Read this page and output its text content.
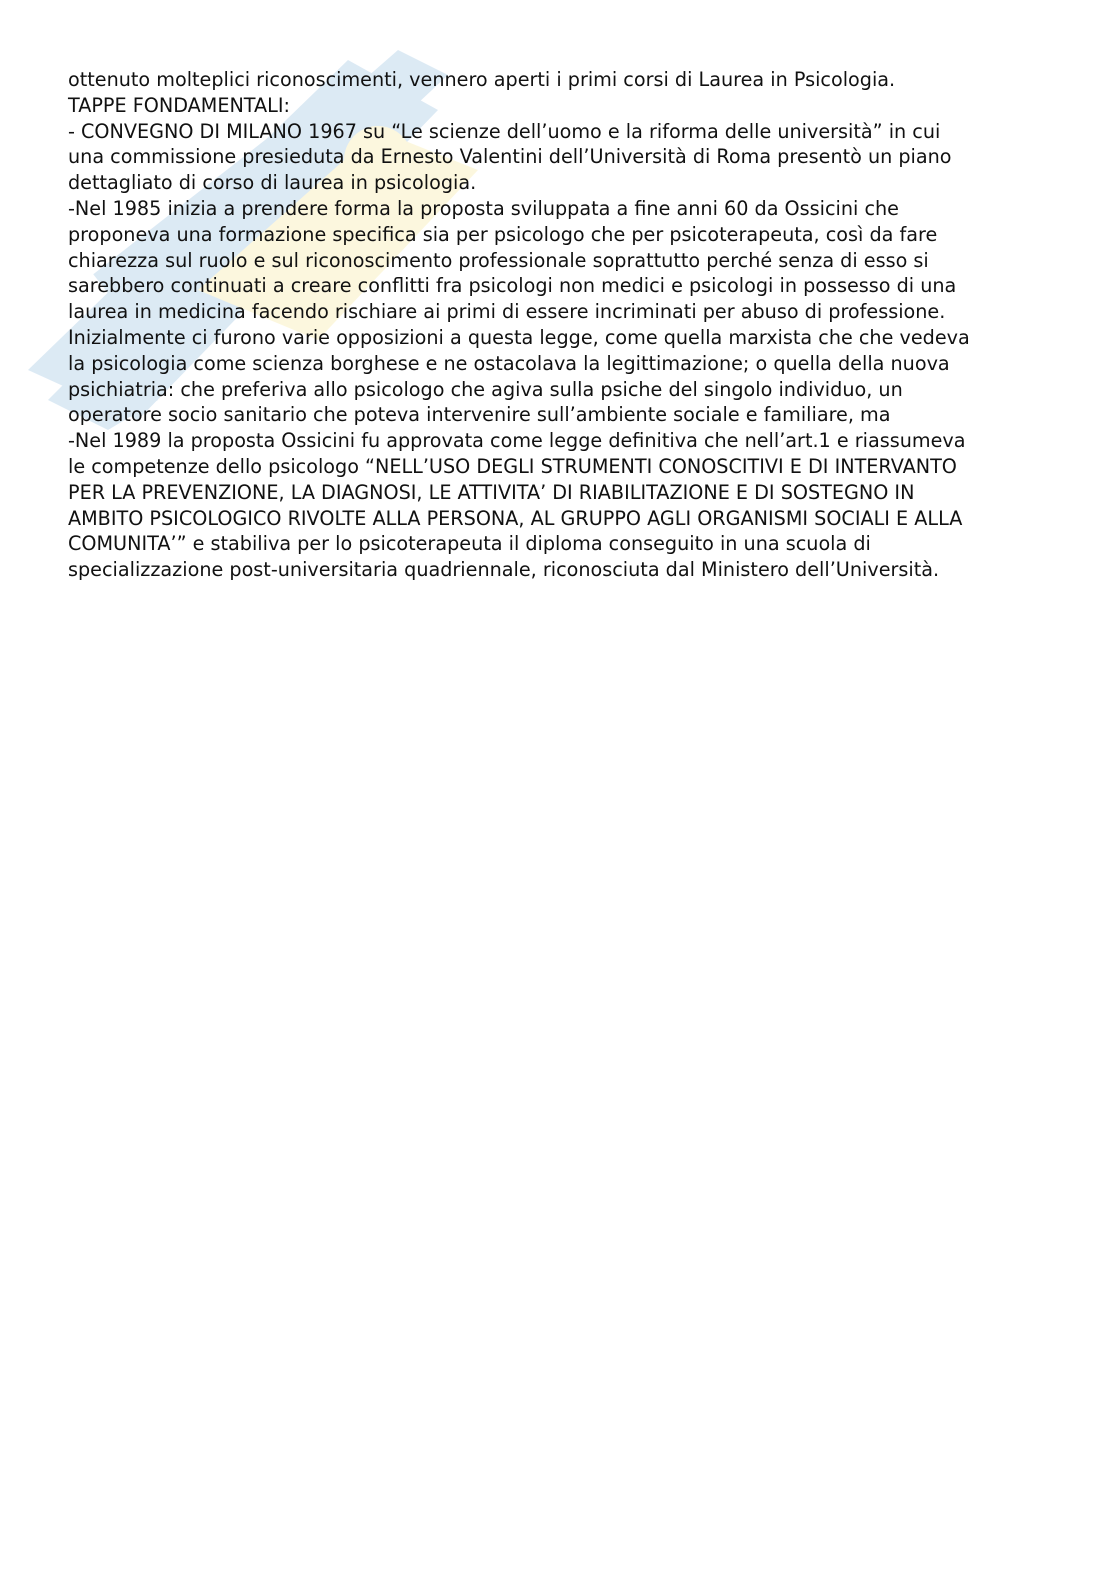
ottenuto molteplici riconoscimenti, vennero aperti i primi corsi di Laurea in Psicologia.
TAPPE FONDAMENTALI:
- CONVEGNO DI MILANO 1967 su “Le scienze dell’uomo e la riforma delle università” in cui
una commissione presieduta da Ernesto Valentini dell’Università di Roma presentò un piano
dettagliato di corso di laurea in psicologia.
-Nel 1985 inizia a prendere forma la proposta sviluppata a fine anni 60 da Ossicini che
proponeva una formazione specifica sia per psicologo che per psicoterapeuta, così da fare
chiarezza sul ruolo e sul riconoscimento professionale soprattutto perché senza di esso si
sarebbero continuati a creare conflitti fra psicologi non medici e psicologi in possesso di una
laurea in medicina facendo rischiare ai primi di essere incriminati per abuso di professione.
Inizialmente ci furono varie opposizioni a questa legge, come quella marxista che che vedeva
la psicologia come scienza borghese e ne ostacolava la legittimazione; o quella della nuova
psichiatria: che preferiva allo psicologo che agiva sulla psiche del singolo individuo, un
operatore socio sanitario che poteva intervenire sull’ambiente sociale e familiare, ma
-Nel 1989 la proposta Ossicini fu approvata come legge definitiva che nell’art.1 e riassumeva
le competenze dello psicologo “NELL’USO DEGLI STRUMENTI CONOSCITIVI E DI INTERVANTO
PER LA PREVENZIONE, LA DIAGNOSI, LE ATTIVITA’ DI RIABILITAZIONE E DI SOSTEGNO IN
AMBITO PSICOLOGICO RIVOLTE ALLA PERSONA, AL GRUPPO AGLI ORGANISMI SOCIALI E ALLA
COMUNITA’” e stabiliva per lo psicoterapeuta il diploma conseguito in una scuola di
specializzazione post-universitaria quadriennale, riconosciuta dal Ministero dell’Università.
